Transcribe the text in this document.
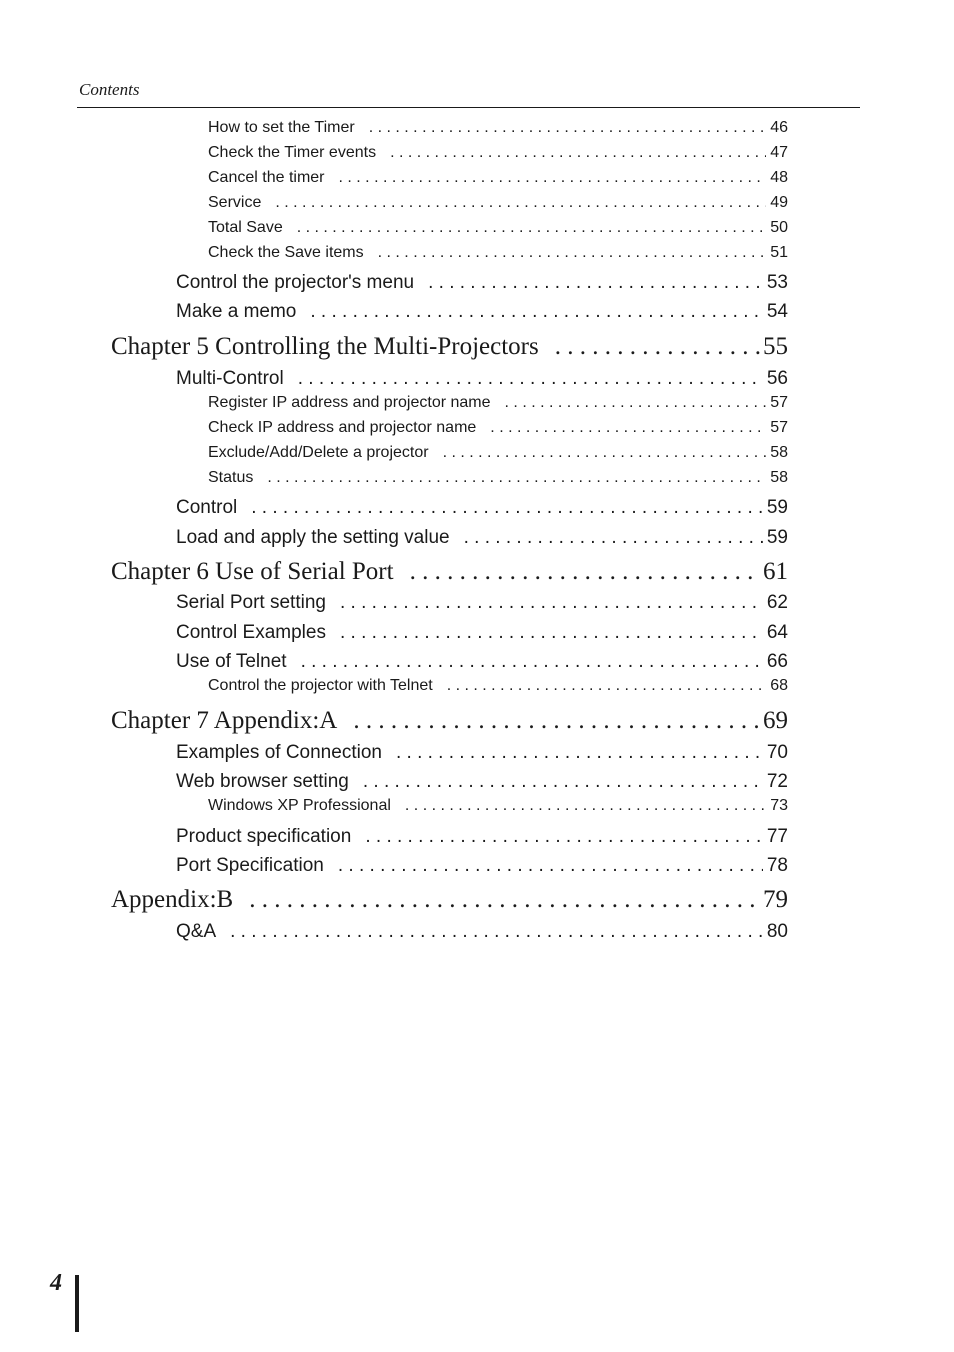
Contents
How to set the Timer . . .	46
Check the Timer events . . .	47
Cancel the timer . . .	48
Service . . .	49
Total Save . . .	50
Check the Save items . . .	51
Control the projector's menu . . .	53
Make a memo . . .	54
Chapter 5 Controlling the Multi-Projectors . . .	55
Multi-Control . . .	56
Register IP address and projector name . . .	57
Check IP address and projector name . . .	57
Exclude/Add/Delete a projector . . .	58
Status . . .	58
Control . . .	59
Load and apply the setting value . . .	59
Chapter 6 Use of Serial Port . . .	61
Serial Port setting . . .	62
Control Examples . . .	64
Use of Telnet . . .	66
Control the projector with Telnet . . .	68
Chapter 7 Appendix:A . . .	69
Examples of Connection . . .	70
Web browser setting . . .	72
Windows XP Professional . . .	73
Product specification . . .	77
Port Specification . . .	78
Appendix:B . . .	79
Q&A . . .	80
4
